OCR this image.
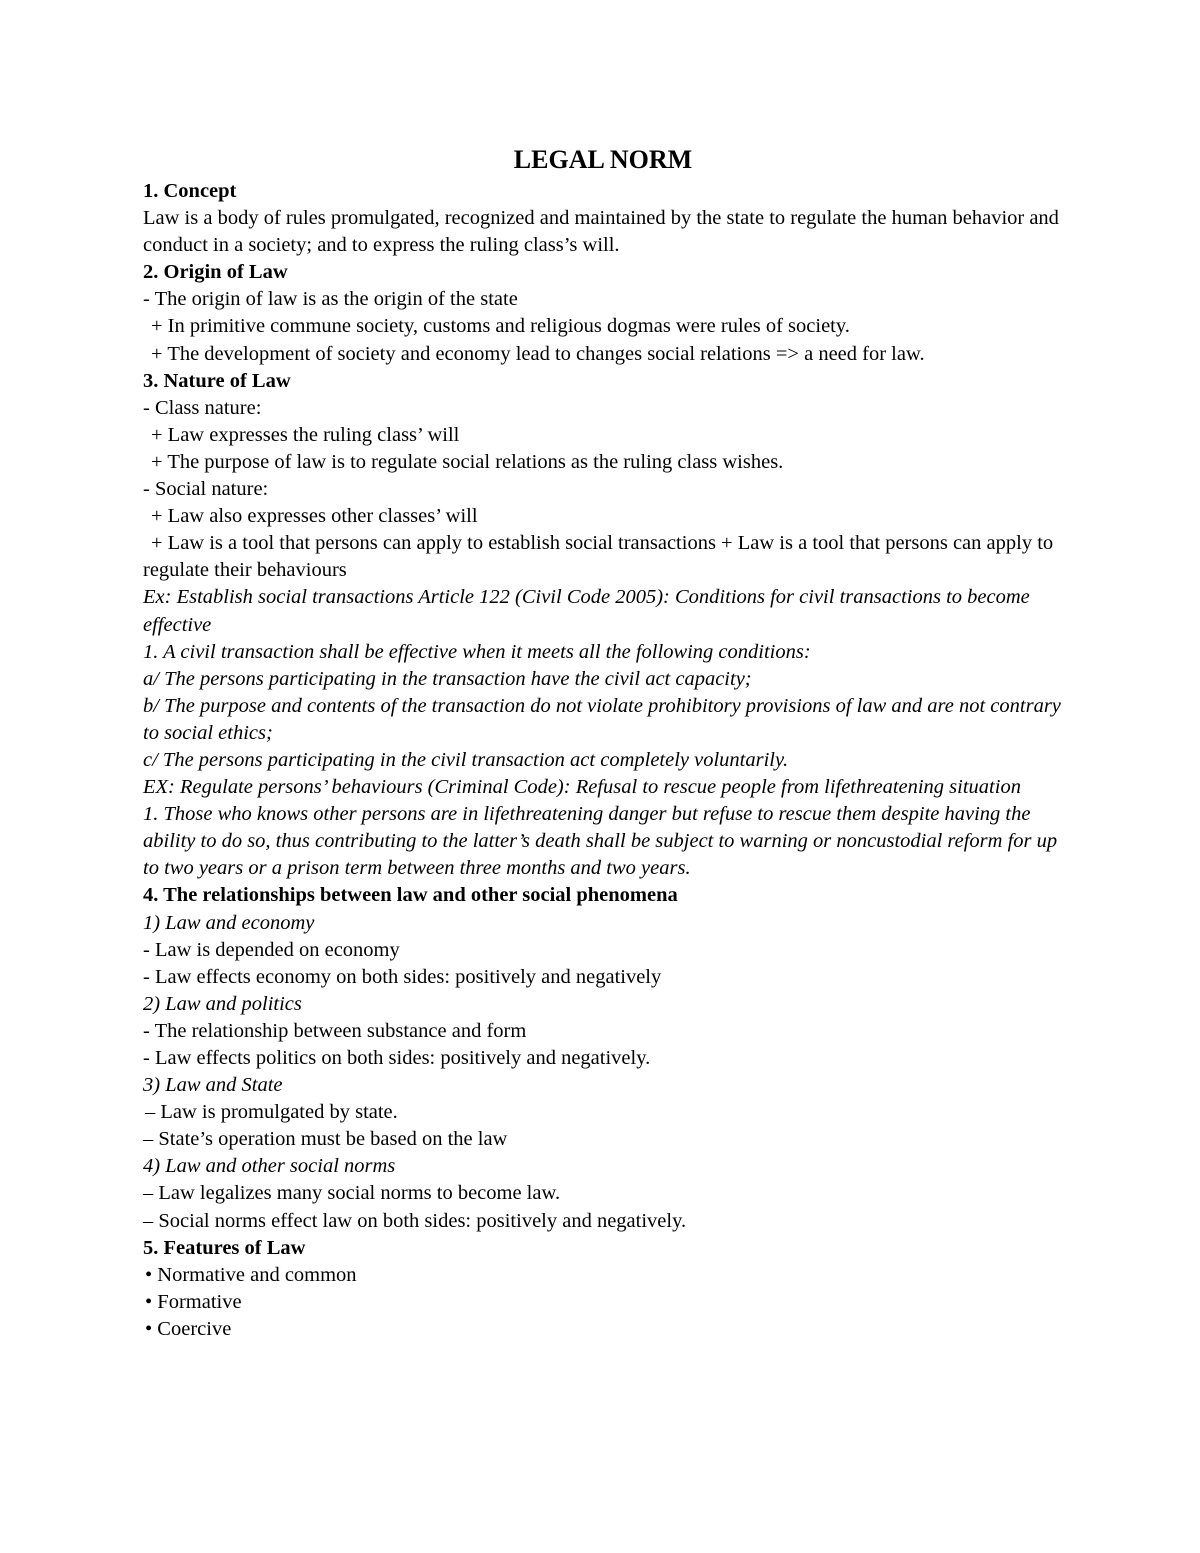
LEGAL NORM
1. Concept
Law is a body of rules promulgated, recognized and maintained by the state to regulate the human behavior and conduct in a society; and to express the ruling class’s will.
2. Origin of Law
- The origin of law is as the origin of the state
+ In primitive commune society, customs and religious dogmas were rules of society.
+ The development of society and economy lead to changes social relations => a need for law.
3. Nature of Law
- Class nature:
+ Law expresses the ruling class’ will
+ The purpose of law is to regulate social relations as the ruling class wishes.
- Social nature:
+ Law also expresses other classes’ will
+ Law is a tool that persons can apply to establish social transactions + Law is a tool that persons can apply to regulate their behaviours
Ex: Establish social transactions Article 122 (Civil Code 2005): Conditions for civil transactions to become effective
1. A civil transaction shall be effective when it meets all the following conditions:
a/ The persons participating in the transaction have the civil act capacity;
b/ The purpose and contents of the transaction do not violate prohibitory provisions of law and are not contrary to social ethics;
c/ The persons participating in the civil transaction act completely voluntarily.
EX: Regulate persons’ behaviours (Criminal Code): Refusal to rescue people from lifethreatening situation
1. Those who knows other persons are in lifethreatening danger but refuse to rescue them despite having the ability to do so, thus contributing to the latter’s death shall be subject to warning or noncustodial reform for up to two years or a prison term between three months and two years.
4. The relationships between law and other social phenomena
1) Law and economy
- Law is depended on economy
- Law effects economy on both sides: positively and negatively
2) Law and politics
- The relationship between substance and form
- Law effects politics on both sides: positively and negatively.
3) Law and State
– Law is promulgated by state.
– State’s operation must be based on the law
4) Law and other social norms
– Law legalizes many social norms to become law.
– Social norms effect law on both sides: positively and negatively.
5. Features of Law
• Normative and common
• Formative
• Coercive
